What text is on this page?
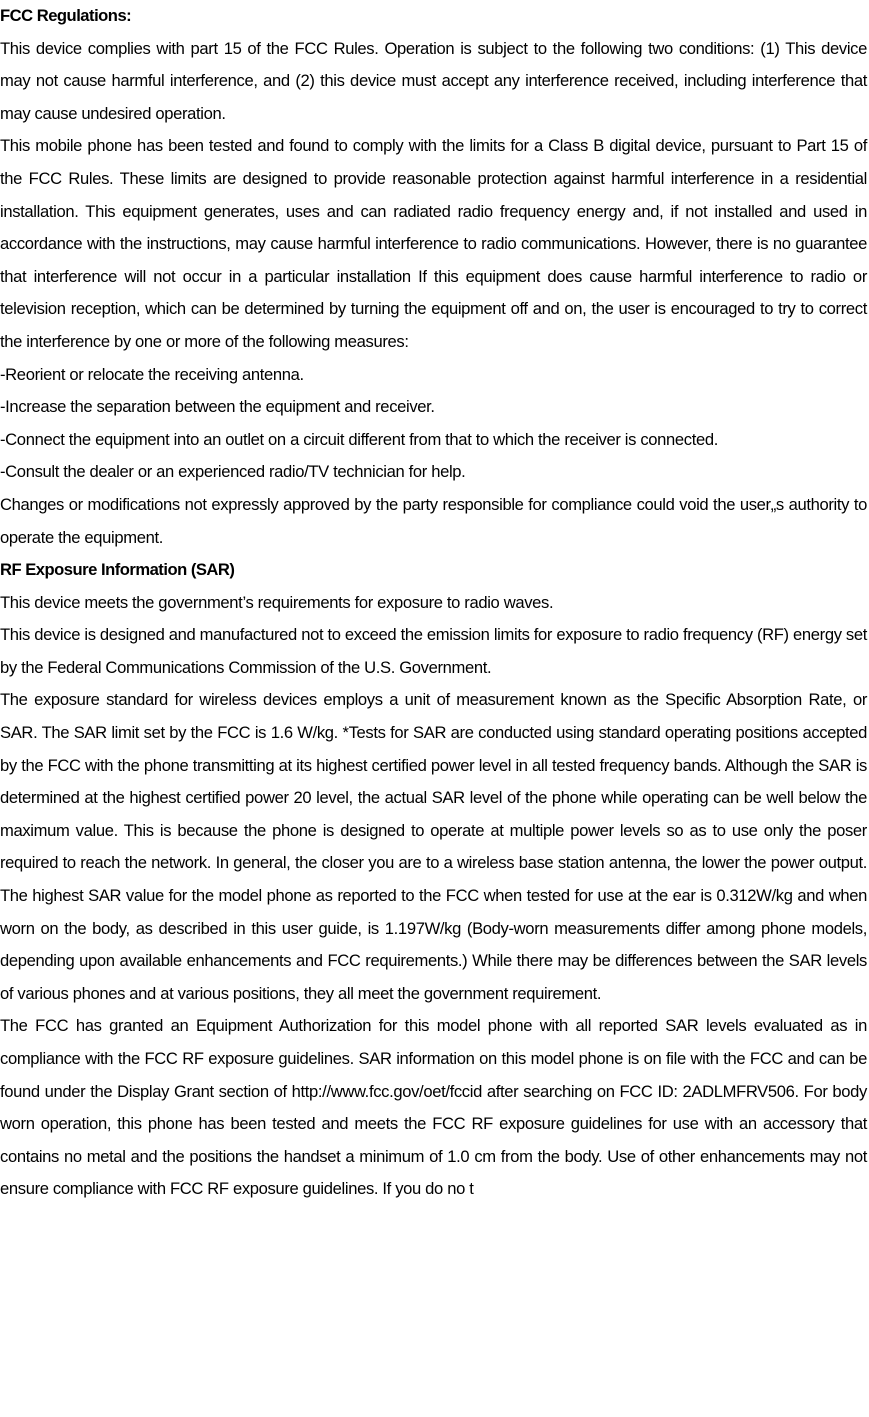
FCC Regulations:

This device complies with part 15 of the FCC Rules. Operation is subject to the following two conditions: (1) This device may not cause harmful interference, and (2) this device must accept any interference received, including interference that may cause undesired operation.

This mobile phone has been tested and found to comply with the limits for a Class B digital device, pursuant to Part 15 of the FCC Rules. These limits are designed to provide reasonable protection against harmful interference in a residential installation. This equipment generates, uses and can radiated radio frequency energy and, if not installed and used in accordance with the instructions, may cause harmful interference to radio communications. However, there is no guarantee that interference will not occur in a particular installation If this equipment does cause harmful interference to radio or television reception, which can be determined by turning the equipment off and on, the user is encouraged to try to correct the interference by one or more of the following measures:

-Reorient or relocate the receiving antenna.

-Increase the separation between the equipment and receiver.

-Connect the equipment into an outlet on a circuit different from that to which the receiver is connected.

-Consult the dealer or an experienced radio/TV technician for help.

Changes or modifications not expressly approved by the party responsible for compliance could void the user„s authority to operate the equipment.

RF Exposure Information (SAR)

This device meets the government’s requirements for exposure to radio waves.

This device is designed and manufactured not to exceed the emission limits for exposure to radio frequency (RF) energy set by the Federal Communications Commission of the U.S. Government.

The exposure standard for wireless devices employs a unit of measurement known as the Specific Absorption Rate, or SAR. The SAR limit set by the FCC is 1.6 W/kg. *Tests for SAR are conducted using standard operating positions accepted by the FCC with the phone transmitting at its highest certified power level in all tested frequency bands. Although the SAR is determined at the highest certified power 20 level, the actual SAR level of the phone while operating can be well below the maximum value. This is because the phone is designed to operate at multiple power levels so as to use only the poser required to reach the network. In general, the closer you are to a wireless base station antenna, the lower the power output. The highest SAR value for the model phone as reported to the FCC when tested for use at the ear is 0.312W/kg and when worn on the body, as described in this user guide, is 1.197W/kg (Body-worn measurements differ among phone models, depending upon available enhancements and FCC requirements.) While there may be differences between the SAR levels of various phones and at various positions, they all meet the government requirement.

The FCC has granted an Equipment Authorization for this model phone with all reported SAR levels evaluated as in compliance with the FCC RF exposure guidelines. SAR information on this model phone is on file with the FCC and can be found under the Display Grant section of http://www.fcc.gov/oet/fccid after searching on FCC ID: 2ADLMFRV506. For body worn operation, this phone has been tested and meets the FCC RF exposure guidelines for use with an accessory that contains no metal and the positions the handset a minimum of 1.0 cm from the body. Use of other enhancements may not ensure compliance with FCC RF exposure guidelines. If you do no t
